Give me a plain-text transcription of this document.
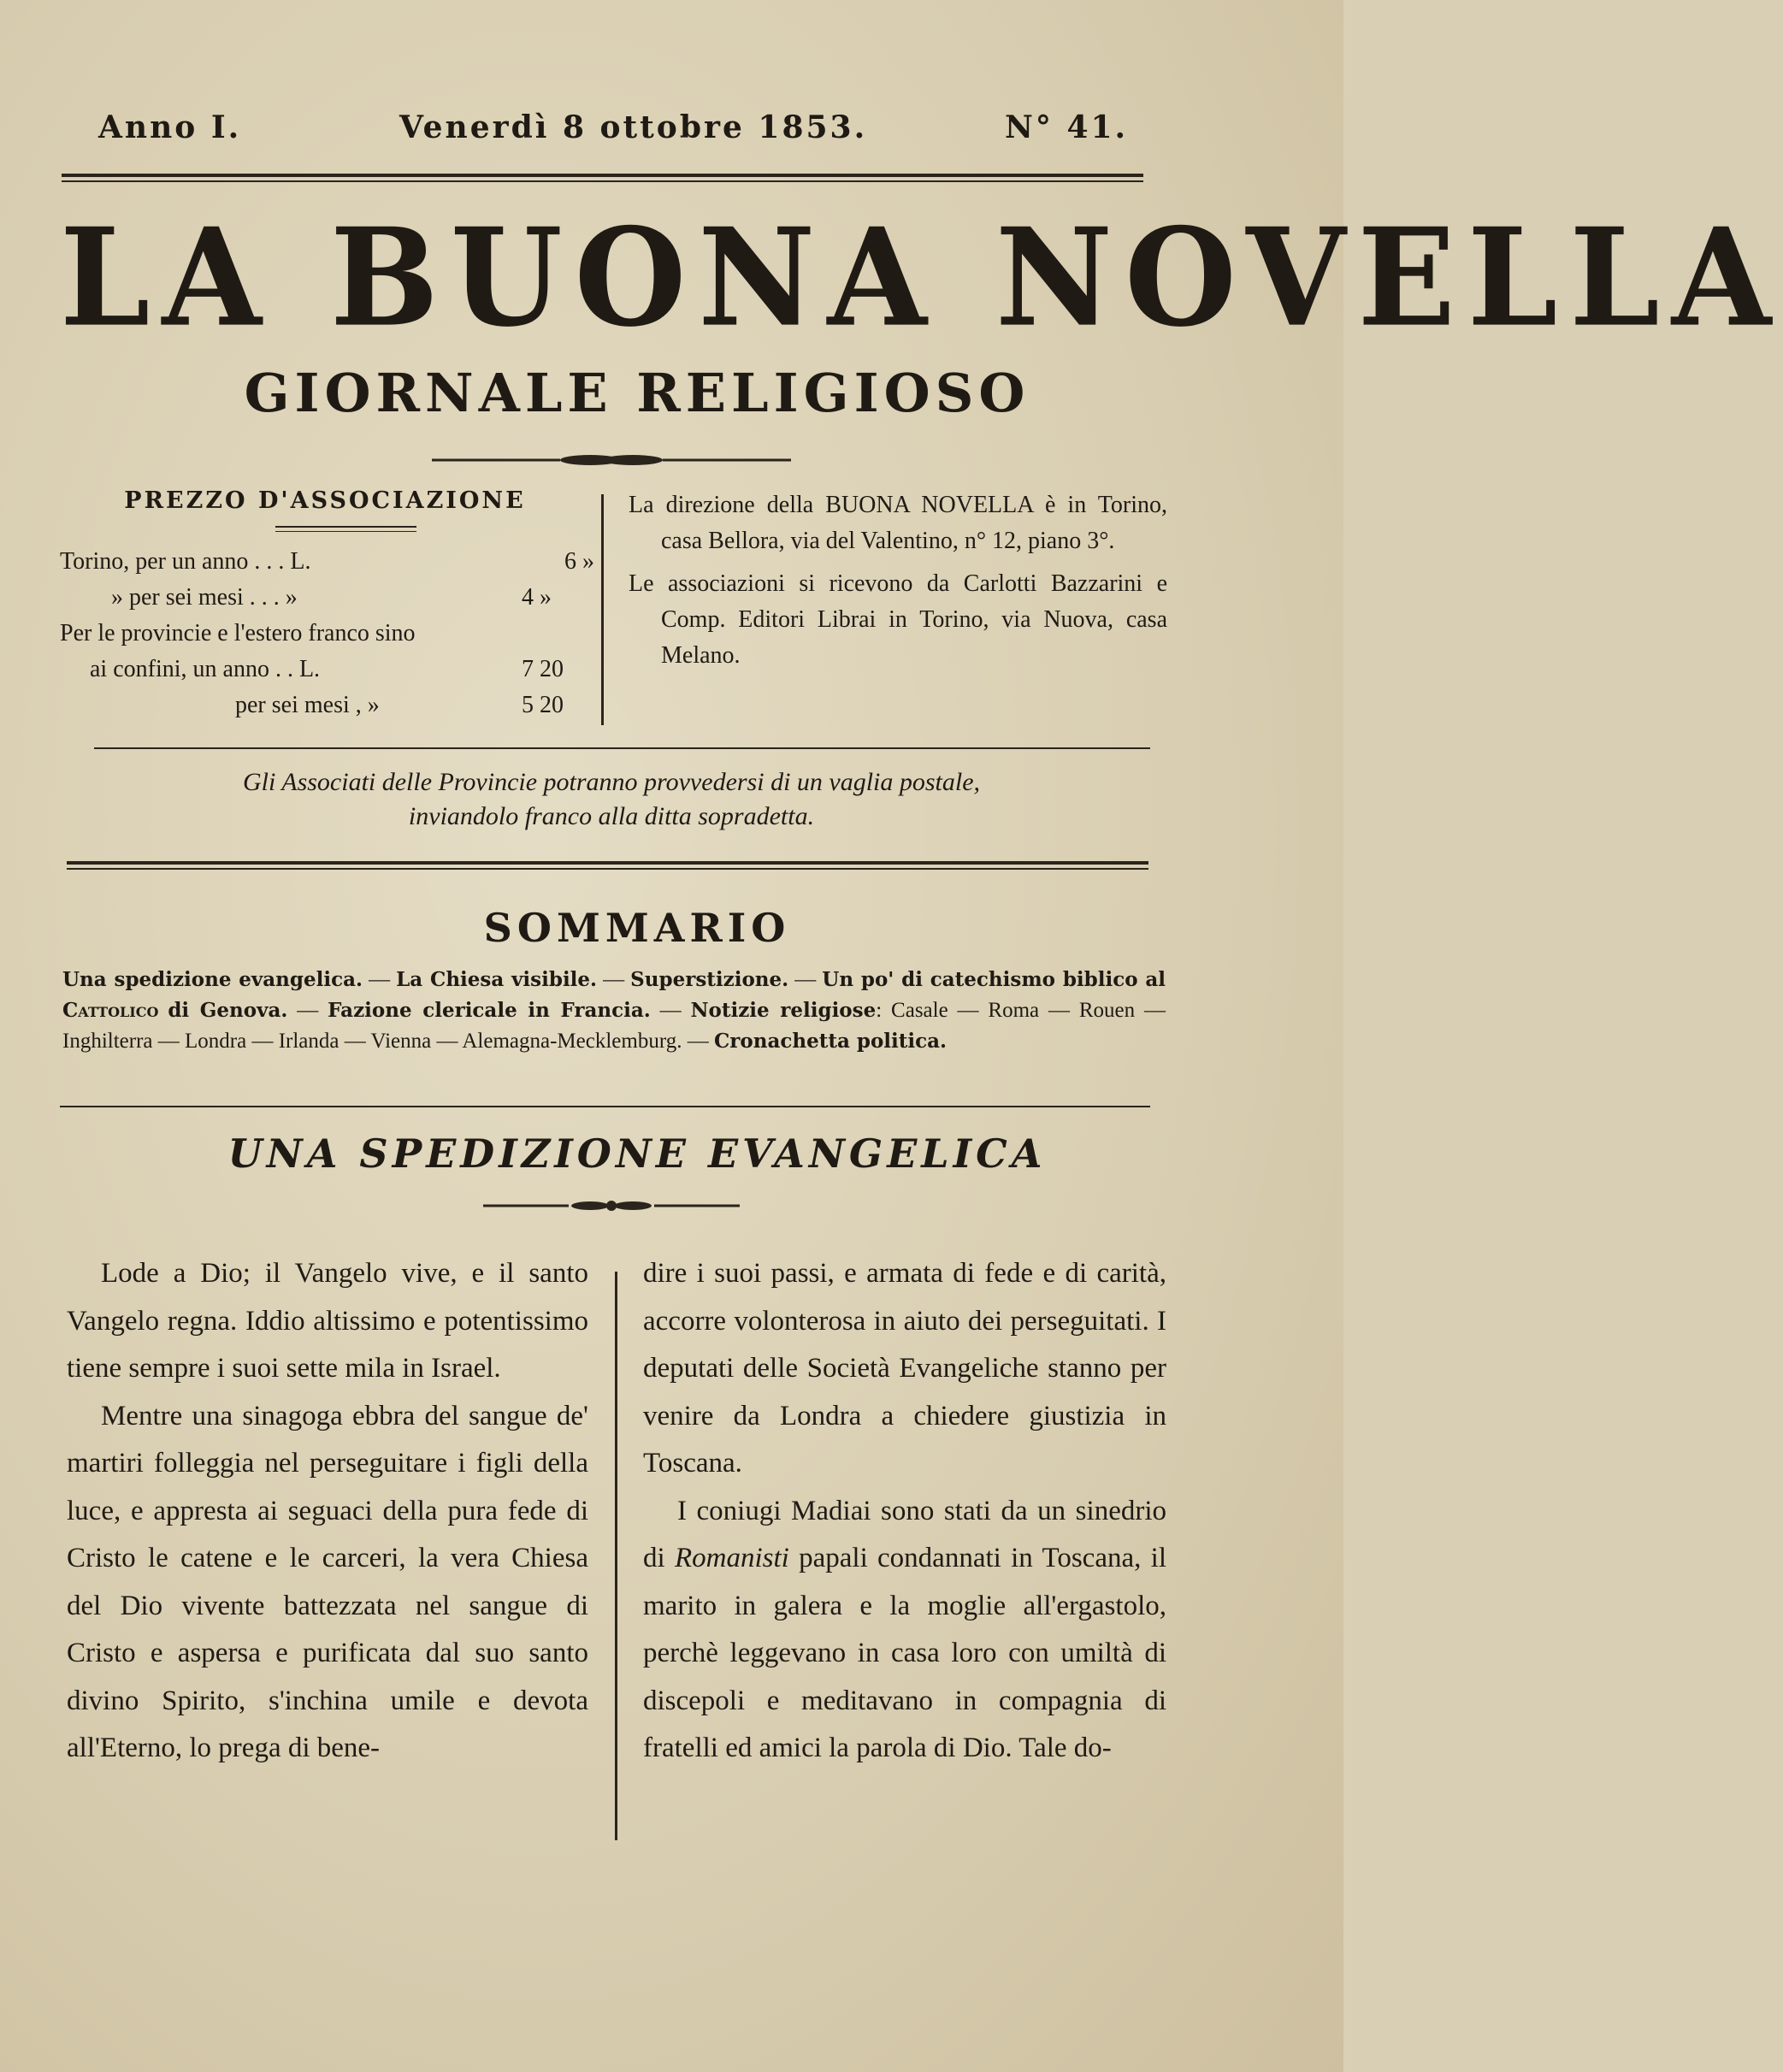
Anno I.	Venerdì 8 ottobre 1853.	N° 41.
LA BUONA NOVELLA
GIORNALE RELIGIOSO
PREZZO D'ASSOCIAZIONE
Torino, per un anno . . . L.	6 »
» per sei mesi . . . »	4 »
Per le provincie e l'estero franco sino
ai confini, un anno . . L.	7 20
per sei mesi , »	5 20

La direzione della BUONA NOVELLA è in Torino, casa Bellora, via del Valentino, n° 12, piano 3°.

Le associazioni si ricevono da Carlotti Bazzarini e Comp. Editori Librai in Torino, via Nuova, casa Melano.

Gli Associati delle Provincie potranno provvedersi di un vaglia postale,
inviandolo franco alla ditta sopradetta.
SOMMARIO
Una spedizione evangelica. — La Chiesa visibile. — Superstizione. — Un po' di catechismo biblico al Cattolico di Genova. — Fazione clericale in Francia. — Notizie religiose: Casale — Roma — Rouen — Inghilterra — Londra — Irlanda — Vienna — Alemagna-Mecklemburg. — Cronachetta politica.
UNA SPEDIZIONE EVANGELICA

Lode a Dio; il Vangelo vive, e il santo Vangelo regna. Iddio altissimo e potentissimo tiene sempre i suoi sette mila in Israel.

Mentre una sinagoga ebbra del sangue de' martiri folleggia nel perseguitare i figli della luce, e appresta ai seguaci della pura fede di Cristo le catene e le carceri, la vera Chiesa del Dio vivente battezzata nel sangue di Cristo e aspersa e purificata dal suo santo divino Spirito, s'inchina umile e devota all'Eterno, lo prega di bene-

dire i suoi passi, e armata di fede e di carità, accorre volonterosa in aiuto dei perseguitati. I deputati delle Società Evangeliche stanno per venire da Londra a chiedere giustizia in Toscana.

I coniugi Madiai sono stati da un sinedrio di Romanisti papali condannati in Toscana, il marito in galera e la moglie all'ergastolo, perchè leggevano in casa loro con umiltà di discepoli e meditavano in compagnia di fratelli ed amici la parola di Dio. Tale do-
